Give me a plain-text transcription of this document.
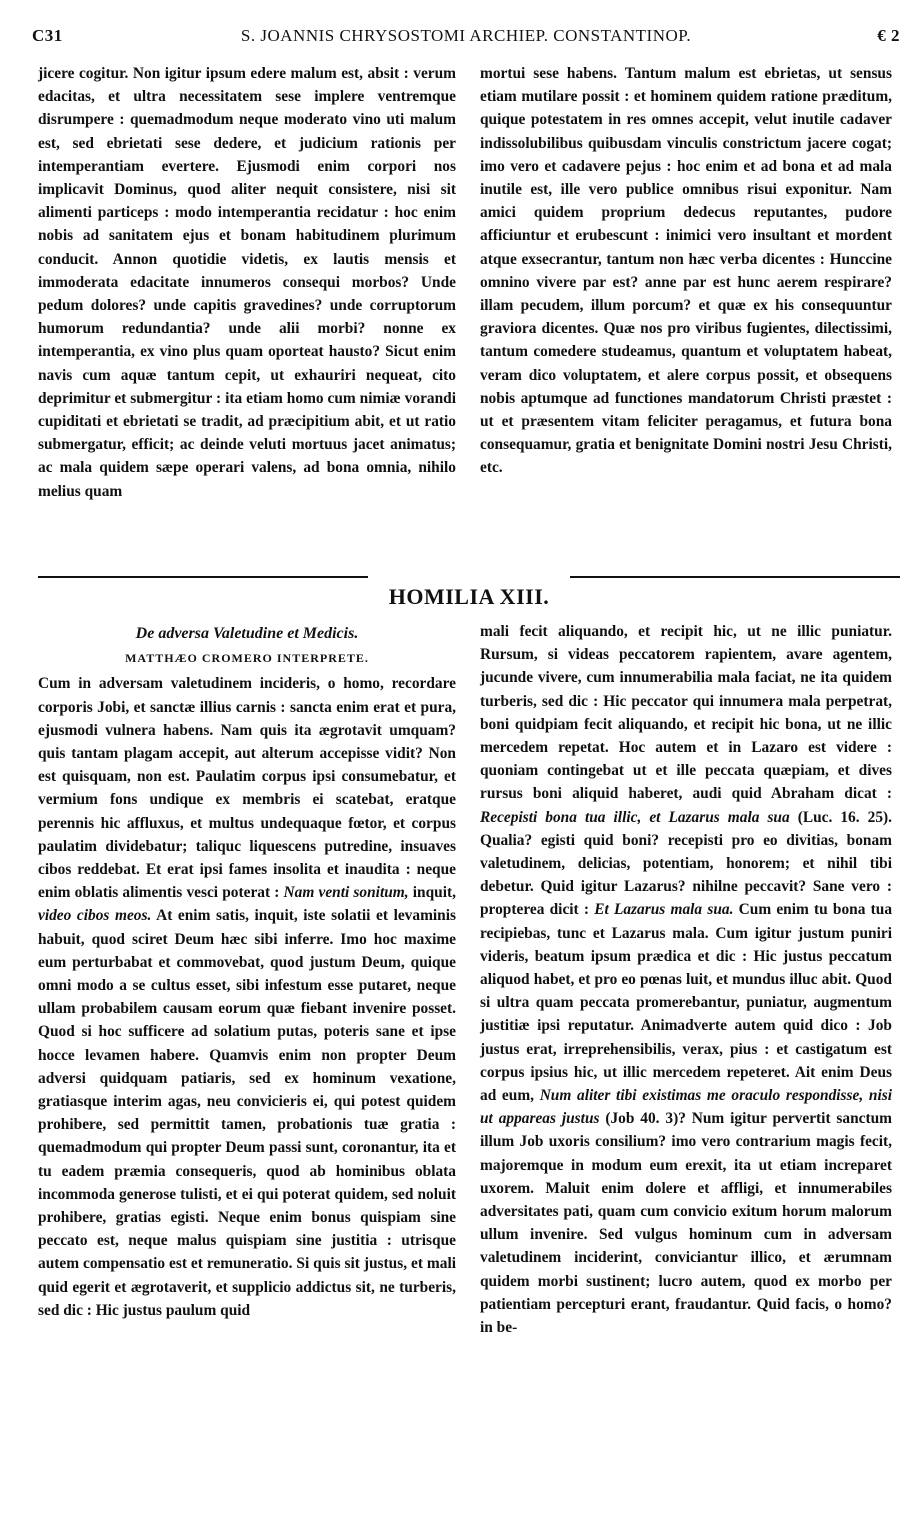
C31	S. JOANNIS CHRYSOSTOMI ARCHIEP. CONSTANTINOP.	€ 2

jicere cogitur. Non igitur ipsum edere malum est, absit : verum edacitas, et ultra necessitatem sese implere ventremque disrumpere : quemadmodum neque moderato vino uti malum est, sed ebrietati sese dedere, et judicium rationis per intemperantiam evertere. Ejusmodi enim corpori nos implicavit Dominus, quod aliter nequit consistere, nisi sit alimenti particeps : modo intemperantia recidatur : hoc enim nobis ad sanitatem ejus et bonam habitudinem plurimum conducit. Annon quotidie videtis, ex lautis mensis et immoderata edacitate innumeros consequi morbos? Unde pedum dolores? unde capitis gravedines? unde corruptorum humorum redundantia? unde alii morbi? nonne ex intemperantia, ex vino plus quam oporteat hausto? Sicut enim navis cum aquæ tantum cepit, ut exhauriri nequeat, cito deprimitur et submergitur : ita etiam homo cum nimiæ vorandi cupiditati et ebrietati se tradit, ad præcipitium abit, et ut ratio submergatur, efficit; ac deinde veluti mortuus jacet animatus; ac mala quidem sæpe operari valens, ad bona omnia, nihilo melius quam

mortui sese habens. Tantum malum est ebrietas, ut sensus etiam mutilare possit : et hominem quidem ratione præditum, quique potestatem in res omnes accepit, velut inutile cadaver indissolubilibus quibusdam vinculis constrictum jacere cogat; imo vero et cadavere pejus : hoc enim et ad bona et ad mala inutile est, ille vero publice omnibus risui exponitur. Nam amici quidem proprium dedecus reputantes, pudore afficiuntur et erubescunt : inimici vero insultant et mordent atque exsecrantur, tantum non hæc verba dicentes : Hunccine omnino vivere par est? anne par est hunc aerem respirare? illam pecudem, illum porcum? et quæ ex his consequuntur graviora dicentes. Quæ nos pro viribus fugientes, dilectissimi, tantum comedere studeamus, quantum et voluptatem habeat, veram dico voluptatem, et alere corpus possit, et obsequens nobis aptumque ad functiones mandatorum Christi præstet : ut et præsentem vitam feliciter peragamus, et futura bona consequamur, gratia et benignitate Domini nostri Jesu Christi, etc.

HOMILIA XIII.
De adversa Valetudine et Medicis.
MATTHÆO CROMERO INTERPRETE.

Cum in adversam valetudinem incideris, o homo, recordare corporis Jobi, et sanctæ illius carnis : sancta enim erat et pura, ejusmodi vulnera habens. Nam quis ita ægrotavit umquam? quis tantam plagam accepit, aut alterum accepisse vidit? Non est quisquam, non est. Paulatim corpus ipsi consumebatur, et vermium fons undique ex membris ei scatebat, eratque perennis hic affluxus, et multus undequaque fœtor, et corpus paulatim dividebatur; taliquc liquescens putredine, insuaves cibos reddebat. Et erat ipsi fames insolita et inaudita : neque enim oblatis alimentis vesci poterat : Nam venti sonitum, inquit, video cibos meos. At enim satis, inquit, iste solatii et levaminis habuit, quod sciret Deum hæc sibi inferre. Imo hoc maxime eum perturbabat et commovebat, quod justum Deum, quique omni modo a se cultus esset, sibi infestum esse putaret, neque ullam probabilem causam eorum quæ fiebant invenire posset. Quod si hoc sufficere ad solatium putas, poteris sane et ipse hocce levamen habere. Quamvis enim non propter Deum adversi quidquam patiaris, sed ex hominum vexatione, gratiasque interim agas, neu convicieris ei, qui potest quidem prohibere, sed permittit tamen, probationis tuæ gratia : quemadmodum qui propter Deum passi sunt, coronantur, ita et tu eadem præmia consequeris, quod ab hominibus oblata incommoda generose tulisti, et ei qui poterat quidem, sed noluit prohibere, gratias egisti. Neque enim bonus quispiam sine peccato est, neque malus quispiam sine justitia : utrisque autem compensatio est et remuneratio. Si quis sit justus, et mali quid egerit et ægrotaverit, et supplicio addictus sit, ne turberis, sed dic : Hic justus paulum quid

mali fecit aliquando, et recipit hic, ut ne illic puniatur. Rursum, si videas peccatorem rapientem, avare agentem, jucunde vivere, cum innumerabilia mala faciat, ne ita quidem turberis, sed dic : Hic peccator qui innumera mala perpetrat, boni quidpiam fecit aliquando, et recipit hic bona, ut ne illic mercedem repetat. Hoc autem et in Lazaro est videre : quoniam contingebat ut et ille peccata quæpiam, et dives rursus boni aliquid haberet, audi quid Abraham dicat : Recepisti bona tua illic, et Lazarus mala sua (Luc. 16. 25). Qualia? egisti quid boni? recepisti pro eo divitias, bonam valetudinem, delicias, potentiam, honorem; et nihil tibi debetur. Quid igitur Lazarus? nihilne peccavit? Sane vero : propterea dicit : Et Lazarus mala sua. Cum enim tu bona tua recipiebas, tunc et Lazarus mala. Cum igitur justum puniri videris, beatum ipsum prædica et dic : Hic justus peccatum aliquod habet, et pro eo pœnas luit, et mundus illuc abit. Quod si ultra quam peccata promerebantur, puniatur, augmentum justitiæ ipsi reputatur. Animadverte autem quid dico : Job justus erat, irreprehensibilis, verax, pius : et castigatum est corpus ipsius hic, ut illic mercedem repeteret. Ait enim Deus ad eum, Num aliter tibi existimas me oraculo respondisse, nisi ut appareas justus (Job 40. 3)? Num igitur pervertit sanctum illum Job uxoris consilium? imo vero contrarium magis fecit, majoremque in modum eum erexit, ita ut etiam increparet uxorem. Maluit enim dolere et affligi, et innumerabiles adversitates pati, quam cum convicio exitum horum malorum ullum invenire. Sed vulgus hominum cum in adversam valetudinem inciderint, conviciantur illico, et ærumnam quidem morbi sustinent; lucro autem, quod ex morbo per patientiam percepturi erant, fraudantur. Quid facis, o homo? in be-
